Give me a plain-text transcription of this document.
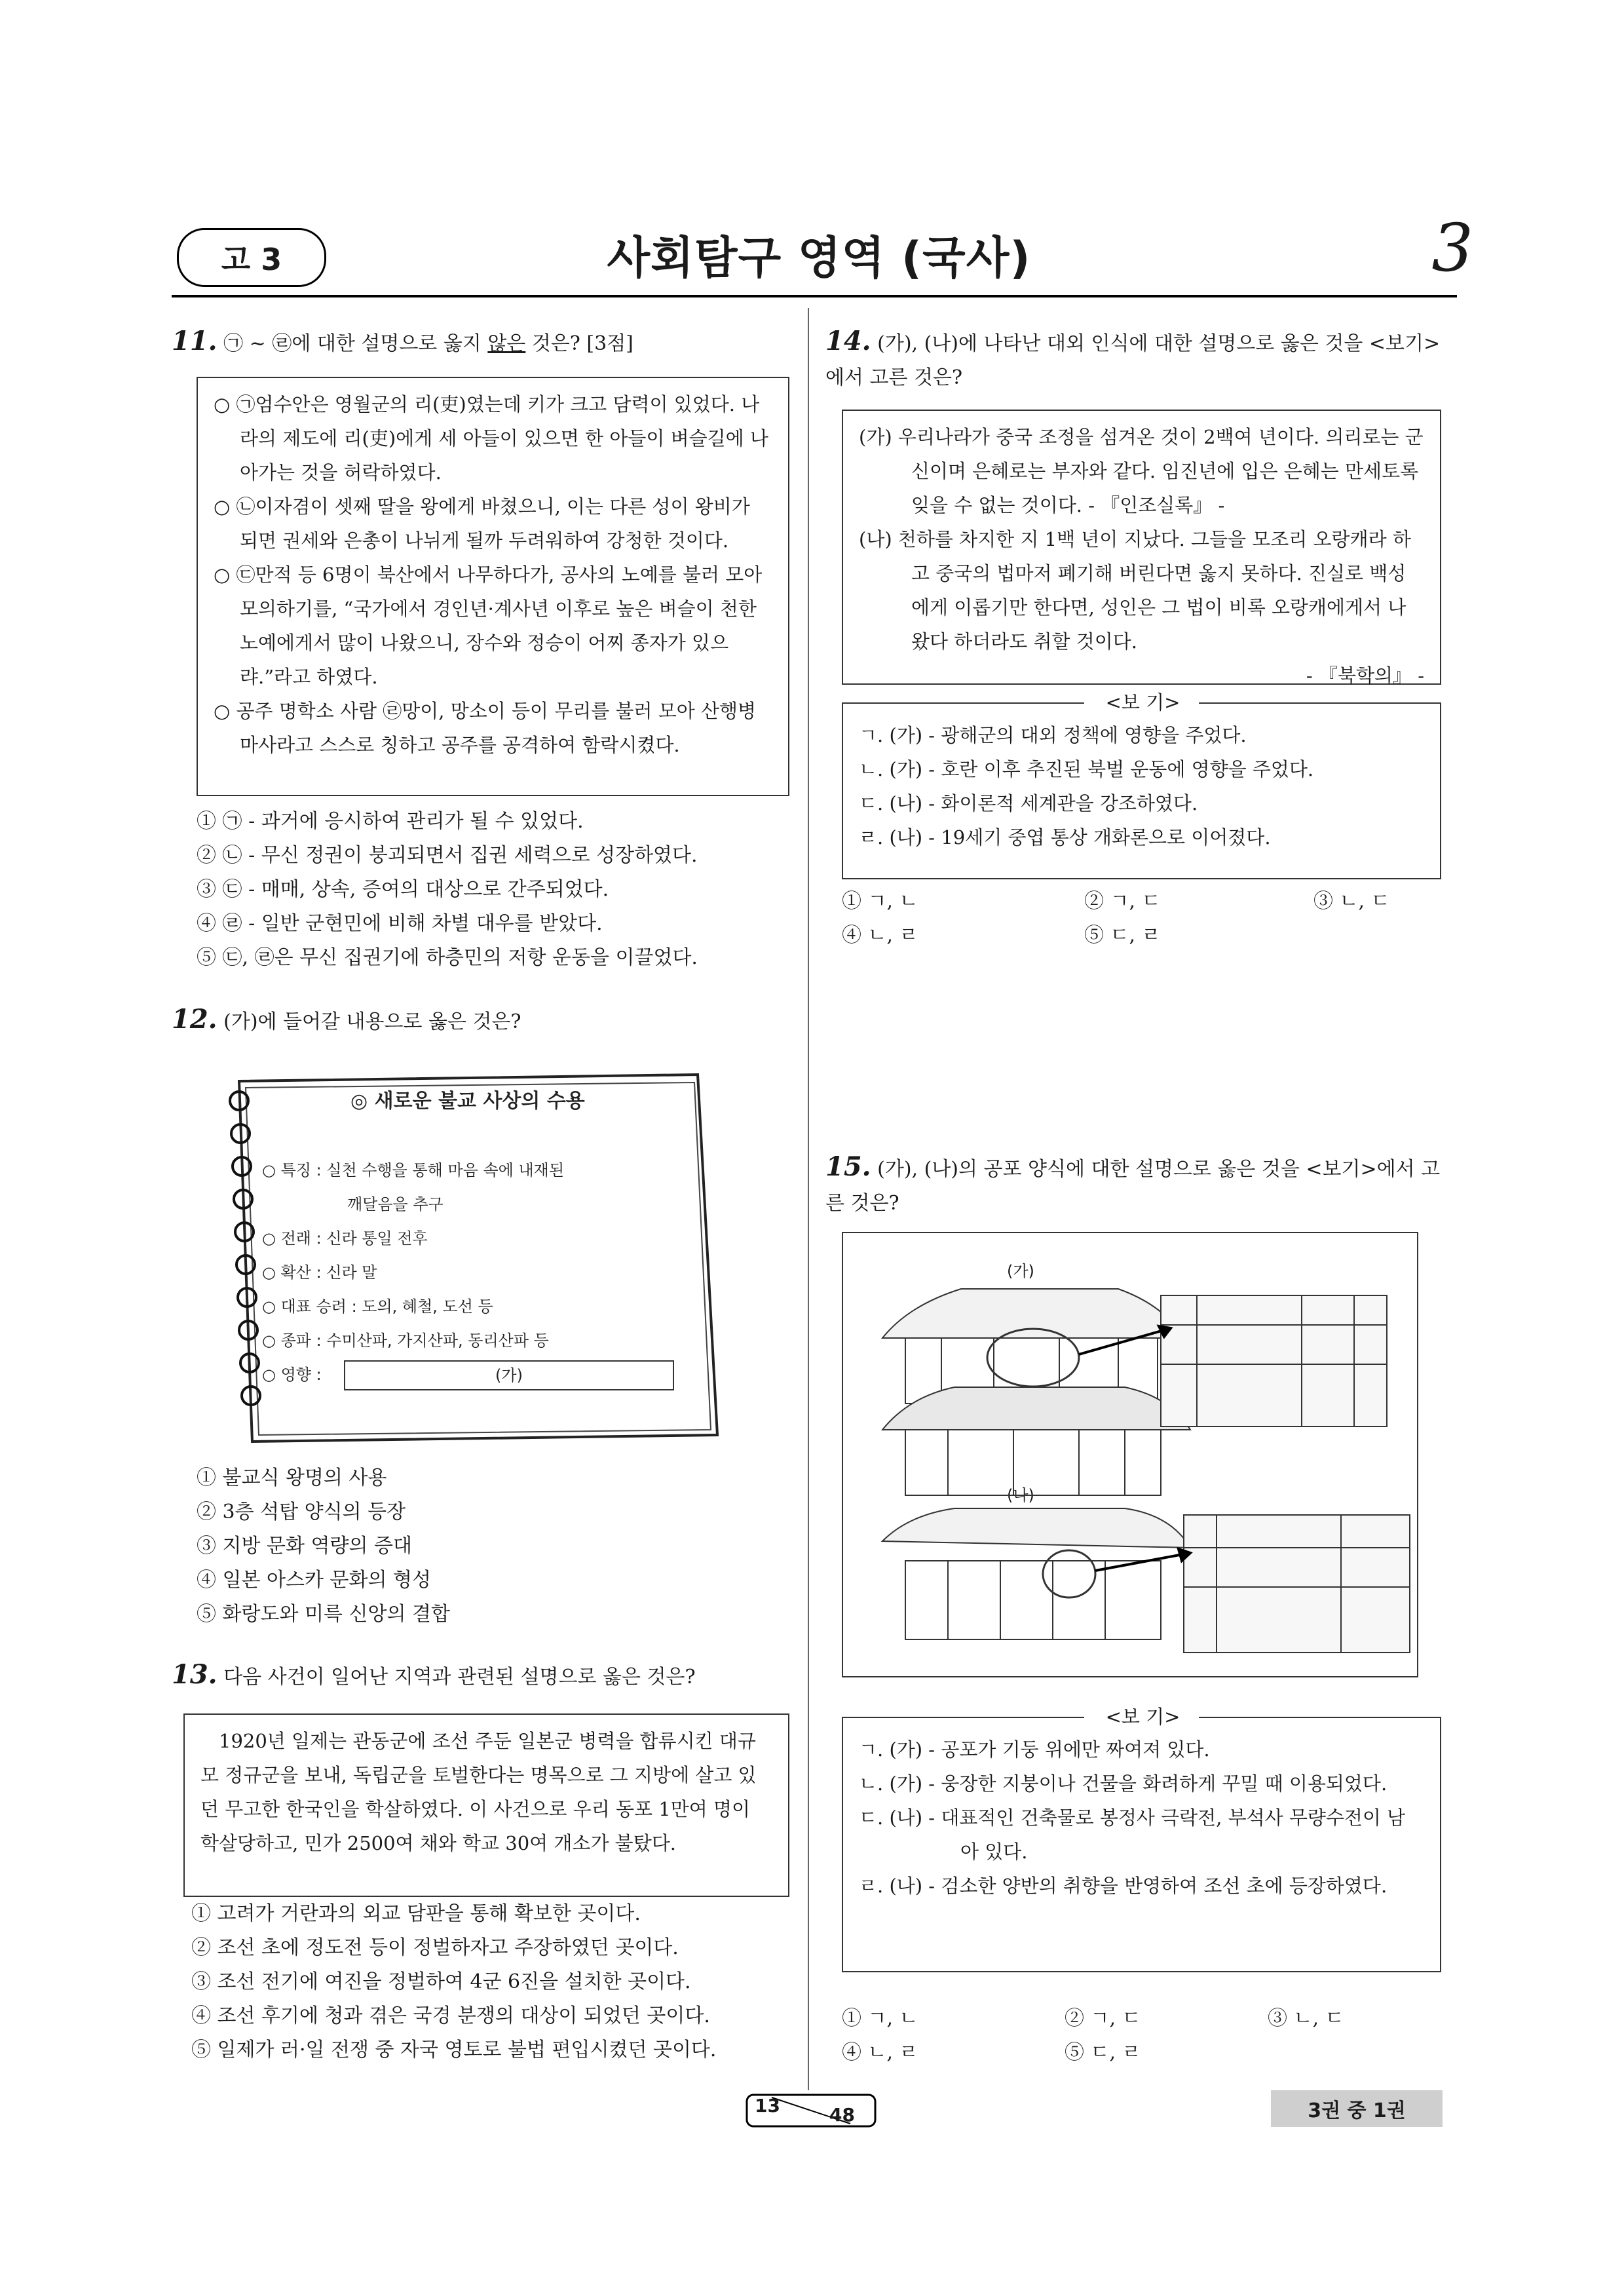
고 3	사회탐구 영역 (국사)	3
11. ㉠ ~ ㉣에 대한 설명으로 옳지 않은 것은? [3점]

○ ㉠엄수안은 영월군의 리(吏)였는데 키가 크고 담력이 있었다. 나라의 제도에 리(吏)에게 세 아들이 있으면 한 아들이 벼슬길에 나아가는 것을 허락하였다.

○ ㉡이자겸이 셋째 딸을 왕에게 바쳤으니, 이는 다른 성이 왕비가 되면 권세와 은총이 나뉘게 될까 두려워하여 강청한 것이다.

○ ㉢만적 등 6명이 북산에서 나무하다가, 공사의 노예를 불러 모아 모의하기를, “국가에서 경인년·계사년 이후로 높은 벼슬이 천한 노예에게서 많이 나왔으니, 장수와 정승이 어찌 종자가 있으랴.”라고 하였다.

○ 공주 명학소 사람 ㉣망이, 망소이 등이 무리를 불러 모아 산행병마사라고 스스로 칭하고 공주를 공격하여 함락시켰다.

① ㉠ - 과거에 응시하여 관리가 될 수 있었다.
② ㉡ - 무신 정권이 붕괴되면서 집권 세력으로 성장하였다.
③ ㉢ - 매매, 상속, 증여의 대상으로 간주되었다.
④ ㉣ - 일반 군현민에 비해 차별 대우를 받았다.
⑤ ㉢, ㉣은 무신 집권기에 하층민의 저항 운동을 이끌었다.
12. (가)에 들어갈 내용으로 옳은 것은?
◎ 새로운 불교 사상의 수용
○ 특징 : 실천 수행을 통해 마음 속에 내재된
깨달음을 추구
○ 전래 : 신라 통일 전후
○ 확산 : 신라 말
○ 대표 승려 : 도의, 혜철, 도선 등
○ 종파 : 수미산파, 가지산파, 동리산파 등
○ 영향 :	(가)
① 불교식 왕명의 사용
② 3층 석탑 양식의 등장
③ 지방 문화 역량의 증대
④ 일본 아스카 문화의 형성
⑤ 화랑도와 미륵 신앙의 결합
13. 다음 사건이 일어난 지역과 관련된 설명으로 옳은 것은?
1920년 일제는 관동군에 조선 주둔 일본군 병력을 합류시킨 대규모 정규군을 보내, 독립군을 토벌한다는 명목으로 그 지방에 살고 있던 무고한 한국인을 학살하였다. 이 사건으로 우리 동포 1만여 명이 학살당하고, 민가 2500여 채와 학교 30여 개소가 불탔다.
① 고려가 거란과의 외교 담판을 통해 확보한 곳이다.
② 조선 초에 정도전 등이 정벌하자고 주장하였던 곳이다.
③ 조선 전기에 여진을 정벌하여 4군 6진을 설치한 곳이다.
④ 조선 후기에 청과 겪은 국경 분쟁의 대상이 되었던 곳이다.
⑤ 일제가 러·일 전쟁 중 자국 영토로 불법 편입시켰던 곳이다.
14. (가), (나)에 나타난 대외 인식에 대한 설명으로 옳은 것을 <보기>에서 고른 것은?

(가) 우리나라가 중국 조정을 섬겨온 것이 2백여 년이다. 의리로는 군신이며 은혜로는 부자와 같다. 임진년에 입은 은혜는 만세토록 잊을 수 없는 것이다. - 『인조실록』 -

(나) 천하를 차지한 지 1백 년이 지났다. 그들을 모조리 오랑캐라 하고 중국의 법마저 폐기해 버린다면 옳지 못하다. 진실로 백성에게 이롭기만 한다면, 성인은 그 법이 비록 오랑캐에게서 나왔다 하더라도 취할 것이다.

- 『북학의』 -

<보 기>
ㄱ. (가) - 광해군의 대외 정책에 영향을 주었다.
ㄴ. (가) - 호란 이후 추진된 북벌 운동에 영향을 주었다.
ㄷ. (나) - 화이론적 세계관을 강조하였다.
ㄹ. (나) - 19세기 중엽 통상 개화론으로 이어졌다.
① ㄱ, ㄴ	② ㄱ, ㄷ	③ ㄴ, ㄷ
④ ㄴ, ㄹ	⑤ ㄷ, ㄹ
15. (가), (나)의 공포 양식에 대한 설명으로 옳은 것을 <보기>에서 고른 것은?
(가)
(나)
<보 기>
ㄱ. (가) - 공포가 기둥 위에만 짜여져 있다.
ㄴ. (가) - 웅장한 지붕이나 건물을 화려하게 꾸밀 때 이용되었다.
ㄷ. (나) - 대표적인 건축물로 봉정사 극락전, 부석사 무량수전이 남아 있다.
ㄹ. (나) - 검소한 양반의 취향을 반영하여 조선 초에 등장하였다.
① ㄱ, ㄴ	② ㄱ, ㄷ	③ ㄴ, ㄷ
④ ㄴ, ㄹ	⑤ ㄷ, ㄹ
13	48	3권 중 1권
